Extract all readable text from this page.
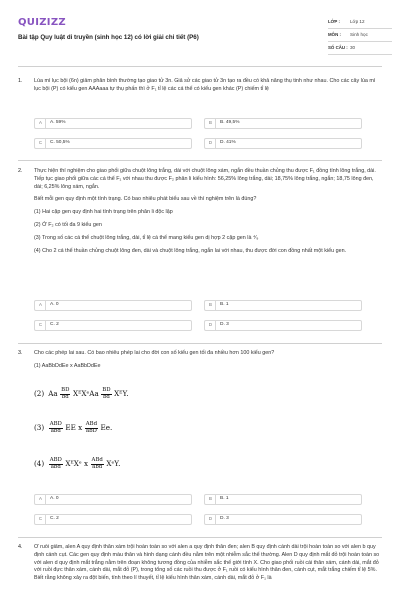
QUIZIZZ
Bài tập Quy luật di truyền (sinh học 12) có lời giải chi tiết (P6)
LỚP :	Lớp 12
MÔN :	Sinh học
SỐ CÂU : 30
1. Lúa mì lục bội (6n) giảm phân bình thường tạo giao tử 3n. Giả sử các giao tử 3n tạo ra đều có khả năng thụ tinh như nhau. Cho các cây lúa mì lục bội (P) có kiểu gen AAAaaa tự thụ phấn thì ở F₁ tỉ lệ các cá thể có kiểu gen khác (P) chiếm tỉ lệ

A	A. 59%	B	B. 49,5%
C	C. 50,5%	D	D. 41%
2. Thực hiện thí nghiệm cho giao phối giữa chuột lông trắng, dài với chuột lông xám, ngắn đều thuần chủng thu được F₁ đồng tính lông trắng, dài. Tiếp tục giao phối giữa các cá thể F₁ với nhau thu được F₂ phân li kiểu hình: 56,25% lông trắng, dài; 18,75% lông trắng, ngắn; 18,75 lông đen, dài; 6,25% lông xám, ngắn.

Biết mỗi gen quy định một tính trạng. Có bao nhiêu phát biểu sau về thí nghiệm trên là đúng?

(1) Hai cặp gen quy định hai tính trạng trên phân li độc lập

(2) Ở F₂ có tối đa 9 kiểu gen

(3) Trong số các cá thể chuột lông trắng, dài, tỉ lệ cá thể mang kiểu gen dị hợp 2 cặp gen là ⁴⁄₉

(4) Cho 2 cá thể thuần chủng chuột lông đen, dài và chuột lông trắng, ngắn lai với nhau, thu được đời con đồng nhất một kiểu gen.

A	A. 0	B	B. 1
C	C. 2	D	D. 3
3. Cho các phép lai sau. Có bao nhiêu phép lai cho đời con số kiểu gen tối đa nhiều hơn 100 kiểu gen?

(1) AaBbDdEe x AaBbDdEe

(2) Aa $\frac{BD}{bd}$ XᴱXᵉAa $\frac{BD}{bd}$ XᴱY.
$(3) \frac{\text{ABD}}{\text{abd}}$ EE x $\frac{\text{ABd}}{\text{abD}} Ee$.
$(4) \frac{\text{ABD}}{\text{abd}}$ XᴱXᵉ x $\frac{\text{ABd}}{\text{abd}}$ XᵉY.
A	A. 0	B	B. 1
C	C. 2	D	D. 3
4. Ở ruồi giấm, alen A quy định thân xám trội hoàn toàn so với alen a quy định thân đen; alen B quy định cánh dài trội hoàn toàn so với alen b quy định cánh cụt. Các gen quy định màu thân và hình dạng cánh đều nằm trên một nhiễm sắc thể thường. Alen D quy định mắt đỏ trội hoàn toàn so với alen d quy định mắt trắng nằm trên đoạn không tương đồng của nhiễm sắc thể giới tính X. Cho giao phối ruồi cái thân xám, cánh dài, mắt đỏ với ruồi đực thân xám, cánh dài, mắt đỏ (P), trong tổng số các ruồi thu được ở F₁ ruồi có kiểu hình thân đen, cánh cụt, mắt trắng chiếm tỉ lệ 5%. Biết rằng không xảy ra đột biến, tính theo lí thuyết, tỉ lệ kiểu hình thân xám, cánh dài, mắt đỏ ở F₁ là
